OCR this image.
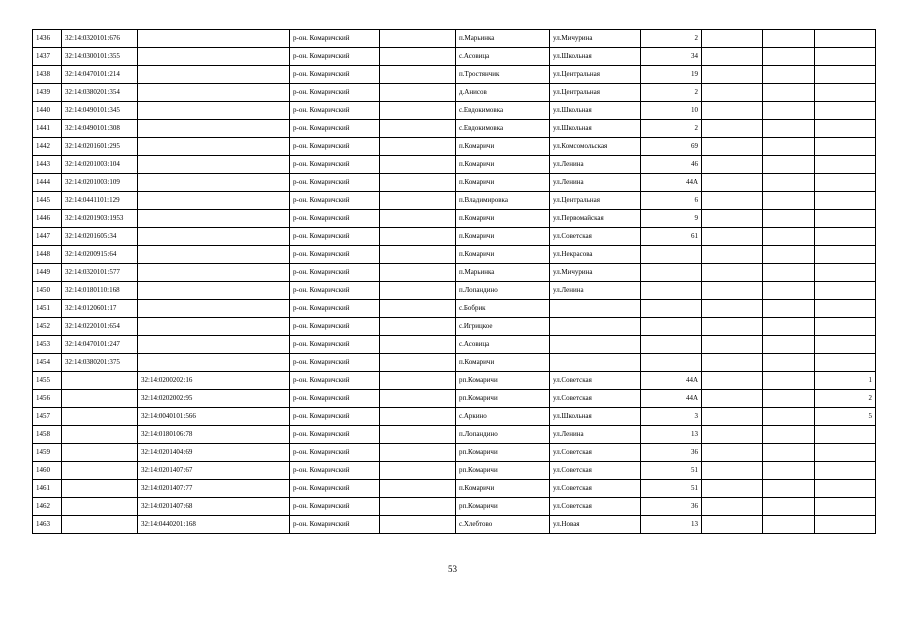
1436	32:14:0320101:676		р-он. Комаричский		п.Марьинка	ул.Мичурина	2			
1437	32:14:0300101:355		р-он. Комаричский		с.Асовица	ул.Школьная	34			
1438	32:14:0470101:214		р-он. Комаричский		п.Тростянчик	ул.Центральная	19			
1439	32:14:0380201:354		р-он. Комаричский		д.Анисов	ул.Центральная	2			
1440	32:14:0490101:345		р-он. Комаричский		с.Евдокимовка	ул.Школьная	10			
1441	32:14:0490101:308		р-он. Комаричский		с.Евдокимовка	ул.Школьная	2			
1442	32:14:0201601:295		р-он. Комаричский		п.Комаричи	ул.Комсомольская	69			
1443	32:14:0201003:104		р-он. Комаричский		п.Комаричи	ул.Ленина	46			
1444	32:14:0201003:109		р-он. Комаричский		п.Комаричи	ул.Ленина	44А			
1445	32:14:0441101:129		р-он. Комаричский		п.Владимировка	ул.Центральная	6			
1446	32:14:0201903:1953		р-он. Комаричский		п.Комаричи	ул.Первомайская	9			
1447	32:14:0201605:34		р-он. Комаричский		п.Комаричи	ул.Советская	61			
1448	32:14:0200915:64		р-он. Комаричский		п.Комаричи	ул.Некрасова				
1449	32:14:0320101:577		р-он. Комаричский		п.Марьинка	ул.Мичурина				
1450	32:14:0180110:168		р-он. Комаричский		п.Лопандино	ул.Ленина				
1451	32:14:0120601:17		р-он. Комаричский		с.Бобрик					
1452	32:14:0220101:654		р-он. Комаричский		с.Игрицкое					
1453	32:14:0470101:247		р-он. Комаричский		с.Асовица					
1454	32:14:0380201:375		р-он. Комаричский		п.Комаричи					
1455		32:14:0200202:16	р-он. Комаричский		рп.Комаричи	ул.Советская	44А			1
1456		32:14:0202002:95	р-он. Комаричский		рп.Комаричи	ул.Советская	44А			2
1457		32:14:0040101:566	р-он. Комаричский		с.Аркино	ул.Школьная	3			5
1458		32:14:0180106:78	р-он. Комаричский		п.Лопандино	ул.Ленина	13			
1459		32:14:0201404:69	р-он. Комаричский		рп.Комаричи	ул.Советская	36			
1460		32:14:0201407:67	р-он. Комаричский		рп.Комаричи	ул.Советская	51			
1461		32:14:0201407:77	р-он. Комаричский		п.Комаричи	ул.Советская	51			
1462		32:14:0201407:68	р-он. Комаричский		рп.Комаричи	ул.Советская	36			
1463		32:14:0440201:168	р-он. Комаричский		с.Хлебтово	ул.Новая	13			
53
